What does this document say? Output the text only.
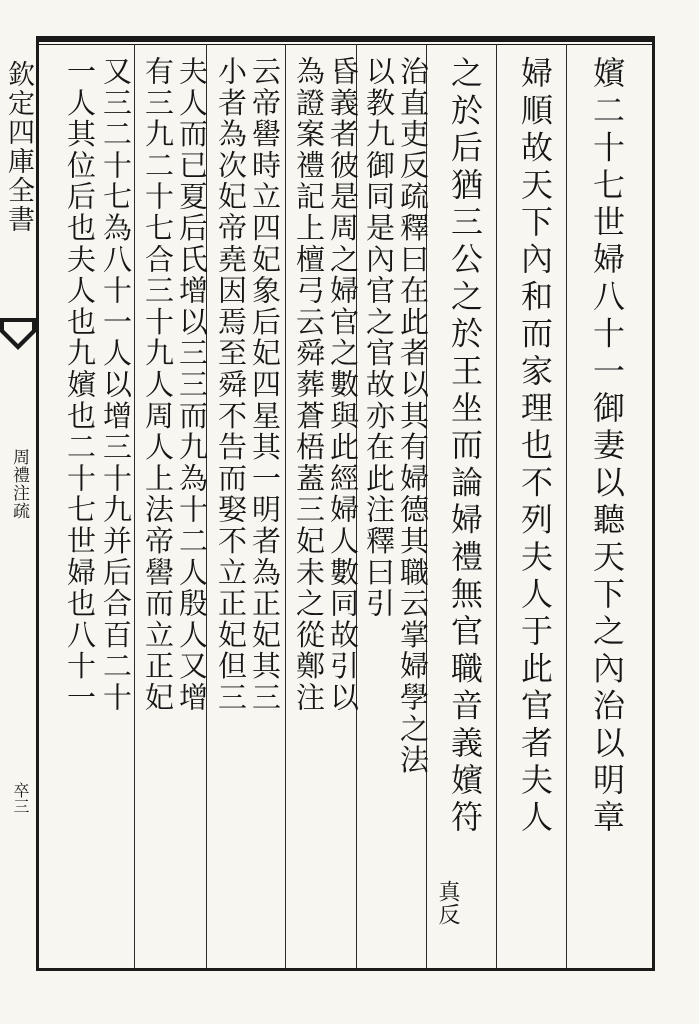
欽定四庫全書
周禮注疏
卒三	嬪二十七世婦八十一御妻以聽天下之內治以明章
婦順故天下內和而家理也不列夫人于此官者夫人
之於后猶三公之於王坐而論婦禮無官職音義嬪符
真反
治直吏反疏釋曰在此者以其有婦德其職云掌婦學之法
以教九御同是內官之官故亦在此注釋曰引
昏義者彼是周之婦官之數與此經婦人數同故引以
為證案禮記上檀弓云舜葬蒼梧蓋三妃未之從鄭注
云帝嚳時立四妃象后妃四星其一明者為正妃其三
小者為次妃帝堯因焉至舜不告而娶不立正妃但三
夫人而已夏后氏增以三三而九為十二人殷人又增
有三九二十七合三十九人周人上法帝嚳而立正妃
又三二十七為八十一人以增三十九并后合百二十
一人其位后也夫人也九嬪也二十七世婦也八十一
